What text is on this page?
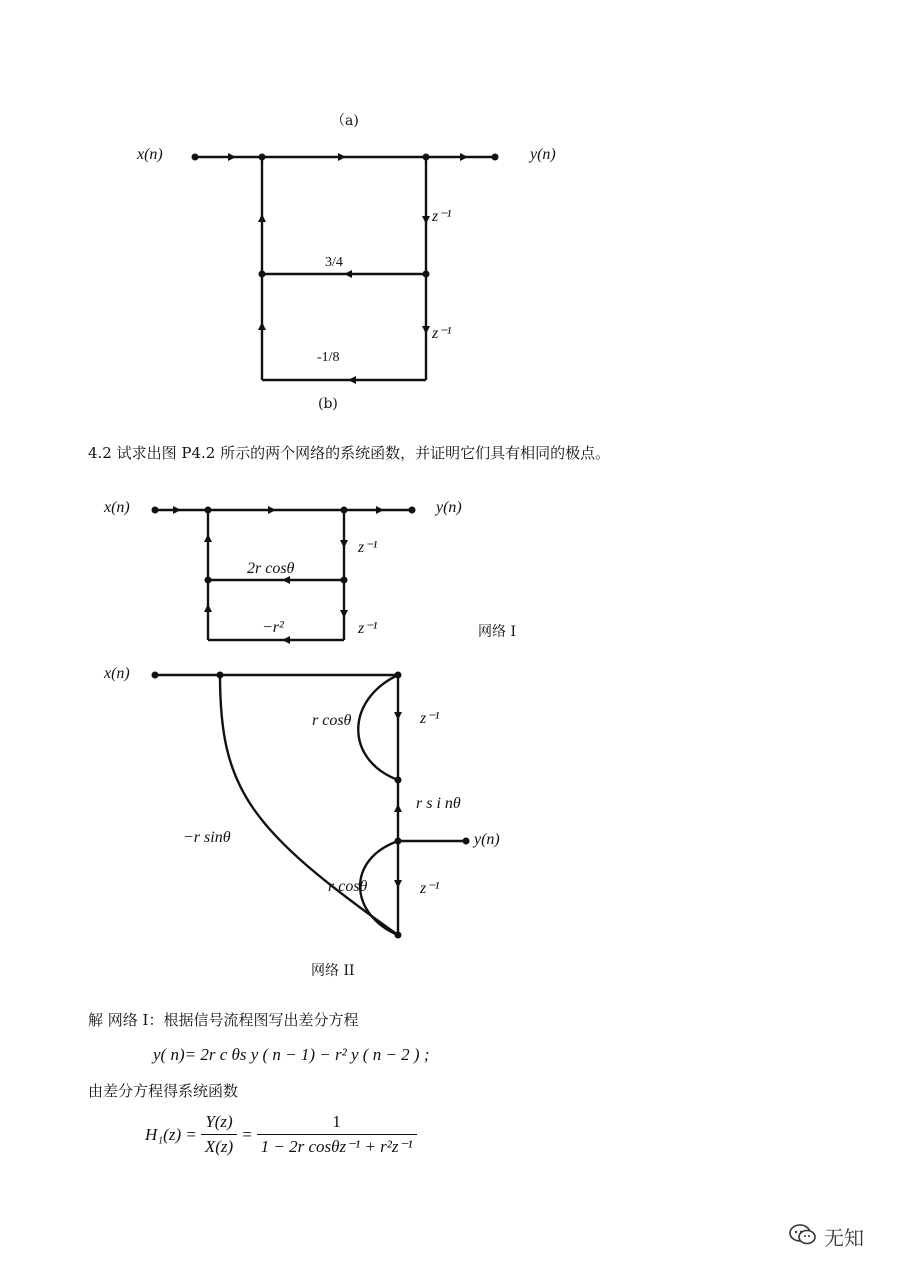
（a)
x(n)	y(n)
z⁻¹
z⁻¹
3/4
-1/8
(b)
4.2 试求出图 P4.2 所示的两个网络的系统函数，并证明它们具有相同的极点。
x(n)	y(n)
z⁻¹
z⁻¹
2r cosθ
−r²	网络 I
x(n)
y(n)
r cosθ	z⁻¹
r s i nθ
−r sinθ
r cosθ	z⁻¹
网络 II
解 网络 I：根据信号流程图写出差分方程
y( n)= 2r c θs y ( n − 1) − r² y ( n − 2 ) ;
由差分方程得系统函数
$H_1(z) = \frac{Y(z)}{X(z)} = \frac{1}{\text{1 − 2r cosθz⁻¹ + r²z⁻¹}}$
无知
